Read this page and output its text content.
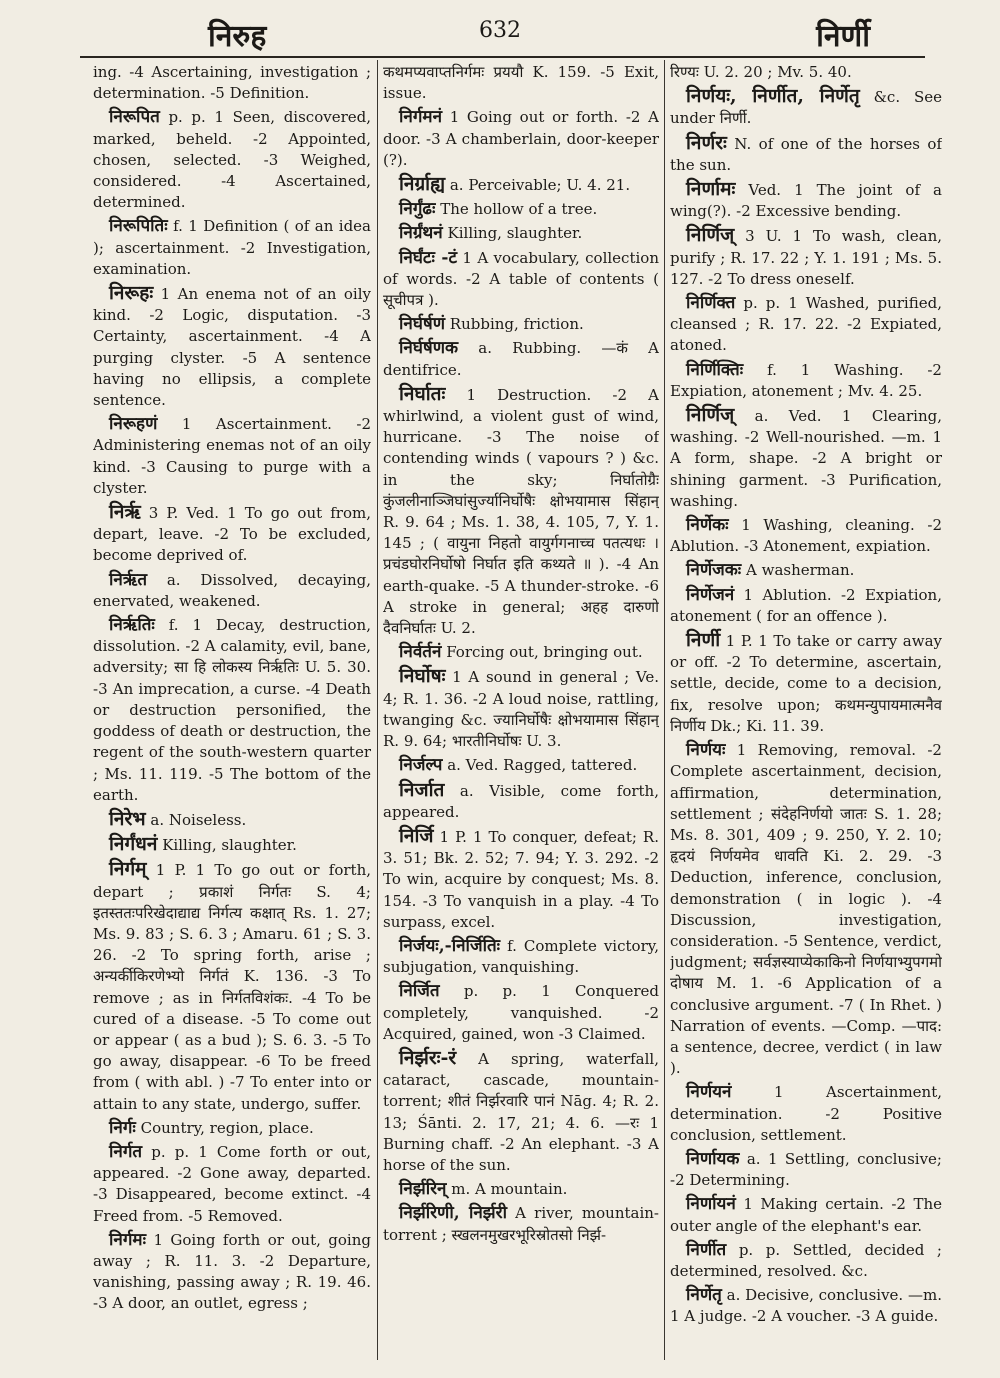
निरुह	632	निर्णी

ing. -4 Ascertaining, investigation ; determination. -5 Definition.

निरूपित p. p. 1 Seen, discovered, marked, beheld. -2 Appointed, chosen, selected. -3 Weighed, considered. -4 Ascertained, determined.

निरूपितिः f. 1 Definition ( of an idea ); ascertainment. -2 Investigation, examination.

निरूहः 1 An enema not of an oily kind. -2 Logic, disputation. -3 Certainty, ascertainment. -4 A purging clyster. -5 A sentence having no ellipsis, a complete sentence.

निरूहणं 1 Ascertainment. -2 Administering enemas not of an oily kind. -3 Causing to purge with a clyster.

निर्ऋ 3 P. Ved. 1 To go out from, depart, leave. -2 To be excluded, become deprived of.

निर्ऋत a. Dissolved, decaying, enervated, weakened.

निर्ऋतिः f. 1 Decay, destruction, dissolution. -2 A calamity, evil, bane, adversity; सा हि लोकस्य निर्ऋतिः U. 5. 30. -3 An imprecation, a curse. -4 Death or destruction personified, the goddess of death or destruction, the regent of the south-western quarter ; Ms. 11. 119. -5 The bottom of the earth.

निरेभ a. Noiseless.

निर्गंधनं Killing, slaughter.

निर्गम् 1 P. 1 To go out or forth, depart ; प्रकाशं निर्गतः S. 4; इतस्ततःपरिखेदाद्याद्य निर्गत्य कक्षात् Rs. 1. 27; Ms. 9. 83 ; S. 6. 3 ; Amaru. 61 ; S. 3. 26. -2 To spring forth, arise ; अन्यर्कीकिरणेभ्यो निर्गतं K. 136. -3 To remove ; as in निर्गतविशंकः. -4 To be cured of a disease. -5 To come out or appear ( as a bud ); S. 6. 3. -5 To go away, disappear. -6 To be freed from ( with abl. ) -7 To enter into or attain to any state, undergo, suffer.

निर्गः Country, region, place.

निर्गत p. p. 1 Come forth or out, appeared. -2 Gone away, departed. -3 Disappeared, become extinct. -4 Freed from. -5 Removed.

निर्गमः 1 Going forth or out, going away ; R. 11. 3. -2 Departure, vanishing, passing away ; R. 19. 46. -3 A door, an outlet, egress ;

कथमप्यवाप्तनिर्गमः प्रययौ K. 159. -5 Exit, issue.

निर्गमनं 1 Going out or forth. -2 A door. -3 A chamberlain, door-keeper (?).

निर्ग्राह्य a. Perceivable; U. 4. 21.

निर्गुंढः The hollow of a tree.

निर्ग्रंथनं Killing, slaughter.

निर्घंटः -टं 1 A vocabulary, collection of words. -2 A table of contents ( सूचीपत्र ).

निर्घर्षणं Rubbing, friction.

निर्घर्षणक a. Rubbing. —कं A dentifrice.

निर्घातः 1 Destruction. -2 A whirlwind, a violent gust of wind, hurricane. -3 The noise of contending winds ( vapours ? ) &c. in the sky; निर्घातोग्रैः कुंजलीनाञ्जिघांसुर्ज्यानिर्घोषैः क्षोभयामास सिंहान् R. 9. 64 ; Ms. 1. 38, 4. 105, 7, Y. 1. 145 ; ( वायुना निहतो वायुर्गगनाच्च पतत्यधः । प्रचंडघोरनिर्घोषो निर्घात इति कथ्यते ॥ ). -4 An earth-quake. -5 A thunder-stroke. -6 A stroke in general; अहह दारुणो दैवनिर्घातः U. 2.

निर्वर्तनं Forcing out, bringing out.

निर्घोषः 1 A sound in general ; Ve. 4; R. 1. 36. -2 A loud noise, rattling, twanging &c. ज्यानिर्घोषैः क्षोभयामास सिंहान् R. 9. 64; भारतीनिर्घोषः U. 3.

निर्जल्प a. Ved. Ragged, tattered.

निर्जात a. Visible, come forth, appeared.

निर्जि 1 P. 1 To conquer, defeat; R. 3. 51; Bk. 2. 52; 7. 94; Y. 3. 292. -2 To win, acquire by conquest; Ms. 8. 154. -3 To vanquish in a play. -4 To surpass, excel.

निर्जयः,-निर्जितिः f. Complete victory, subjugation, vanquishing.

निर्जित p. p. 1 Conquered completely, vanquished. -2 Acquired, gained, won -3 Claimed.

निर्झरः-रं A spring, waterfall, cataract, cascade, mountain-torrent; शीतं निर्झरवारि पानं Nāg. 4; R. 2. 13; Śānti. 2. 17, 21; 4. 6. —रः 1 Burning chaff. -2 An elephant. -3 A horse of the sun.

निर्झरिन् m. A mountain.

निर्झरिणी, निर्झरी A river, mountain-torrent ; स्खलनमुखरभूरिस्रोतसो निर्झ-

रिण्यः U. 2. 20 ; Mv. 5. 40.

निर्णयः, निर्णीत, निर्णेतृ &c. See under निर्णी.

निर्णरः N. of one of the horses of the sun.

निर्णामः Ved. 1 The joint of a wing(?). -2 Excessive bending.

निर्णिज् 3 U. 1 To wash, clean, purify ; R. 17. 22 ; Y. 1. 191 ; Ms. 5. 127. -2 To dress oneself.

निर्णिक्त p. p. 1 Washed, purified, cleansed ; R. 17. 22. -2 Expiated, atoned.

निर्णिक्तिः f. 1 Washing. -2 Expiation, atonement ; Mv. 4. 25.

निर्णिज् a. Ved. 1 Clearing, washing. -2 Well-nourished. —m. 1 A form, shape. -2 A bright or shining garment. -3 Purification, washing.

निर्णेकः 1 Washing, cleaning. -2 Ablution. -3 Atonement, expiation.

निर्णेजकः A washerman.

निर्णेजनं 1 Ablution. -2 Expiation, atonement ( for an offence ).

निर्णी 1 P. 1 To take or carry away or off. -2 To determine, ascertain, settle, decide, come to a decision, fix, resolve upon; कथमन्युपायमात्मनैव निर्णीय Dk.; Ki. 11. 39.

निर्णयः 1 Removing, removal. -2 Complete ascertainment, decision, affirmation, determination, settlement ; संदेहनिर्णयो जातः S. 1. 28; Ms. 8. 301, 409 ; 9. 250, Y. 2. 10; हृदयं निर्णयमेव धावति Ki. 2. 29. -3 Deduction, inference, conclusion, demonstration ( in logic ). -4 Discussion, investigation, consideration. -5 Sentence, verdict, judgment; सर्वज्ञस्याप्येकाकिनो निर्णयाभ्युपगमो दोषाय M. 1. -6 Application of a conclusive argument. -7 ( In Rhet. ) Narration of events. —Comp. —पाद: a sentence, decree, verdict ( in law ).

निर्णयनं	1 Ascertainment, determination. -2 Positive conclusion, settlement.

निर्णायक a. 1 Settling, conclusive; -2 Determining.

निर्णायनं 1 Making certain. -2 The outer angle of the elephant's ear.

निर्णीत p. p. Settled, decided ; determined, resolved. &c.

निर्णेतृ a. Decisive, conclusive. —m. 1 A judge. -2 A voucher. -3 A guide.
